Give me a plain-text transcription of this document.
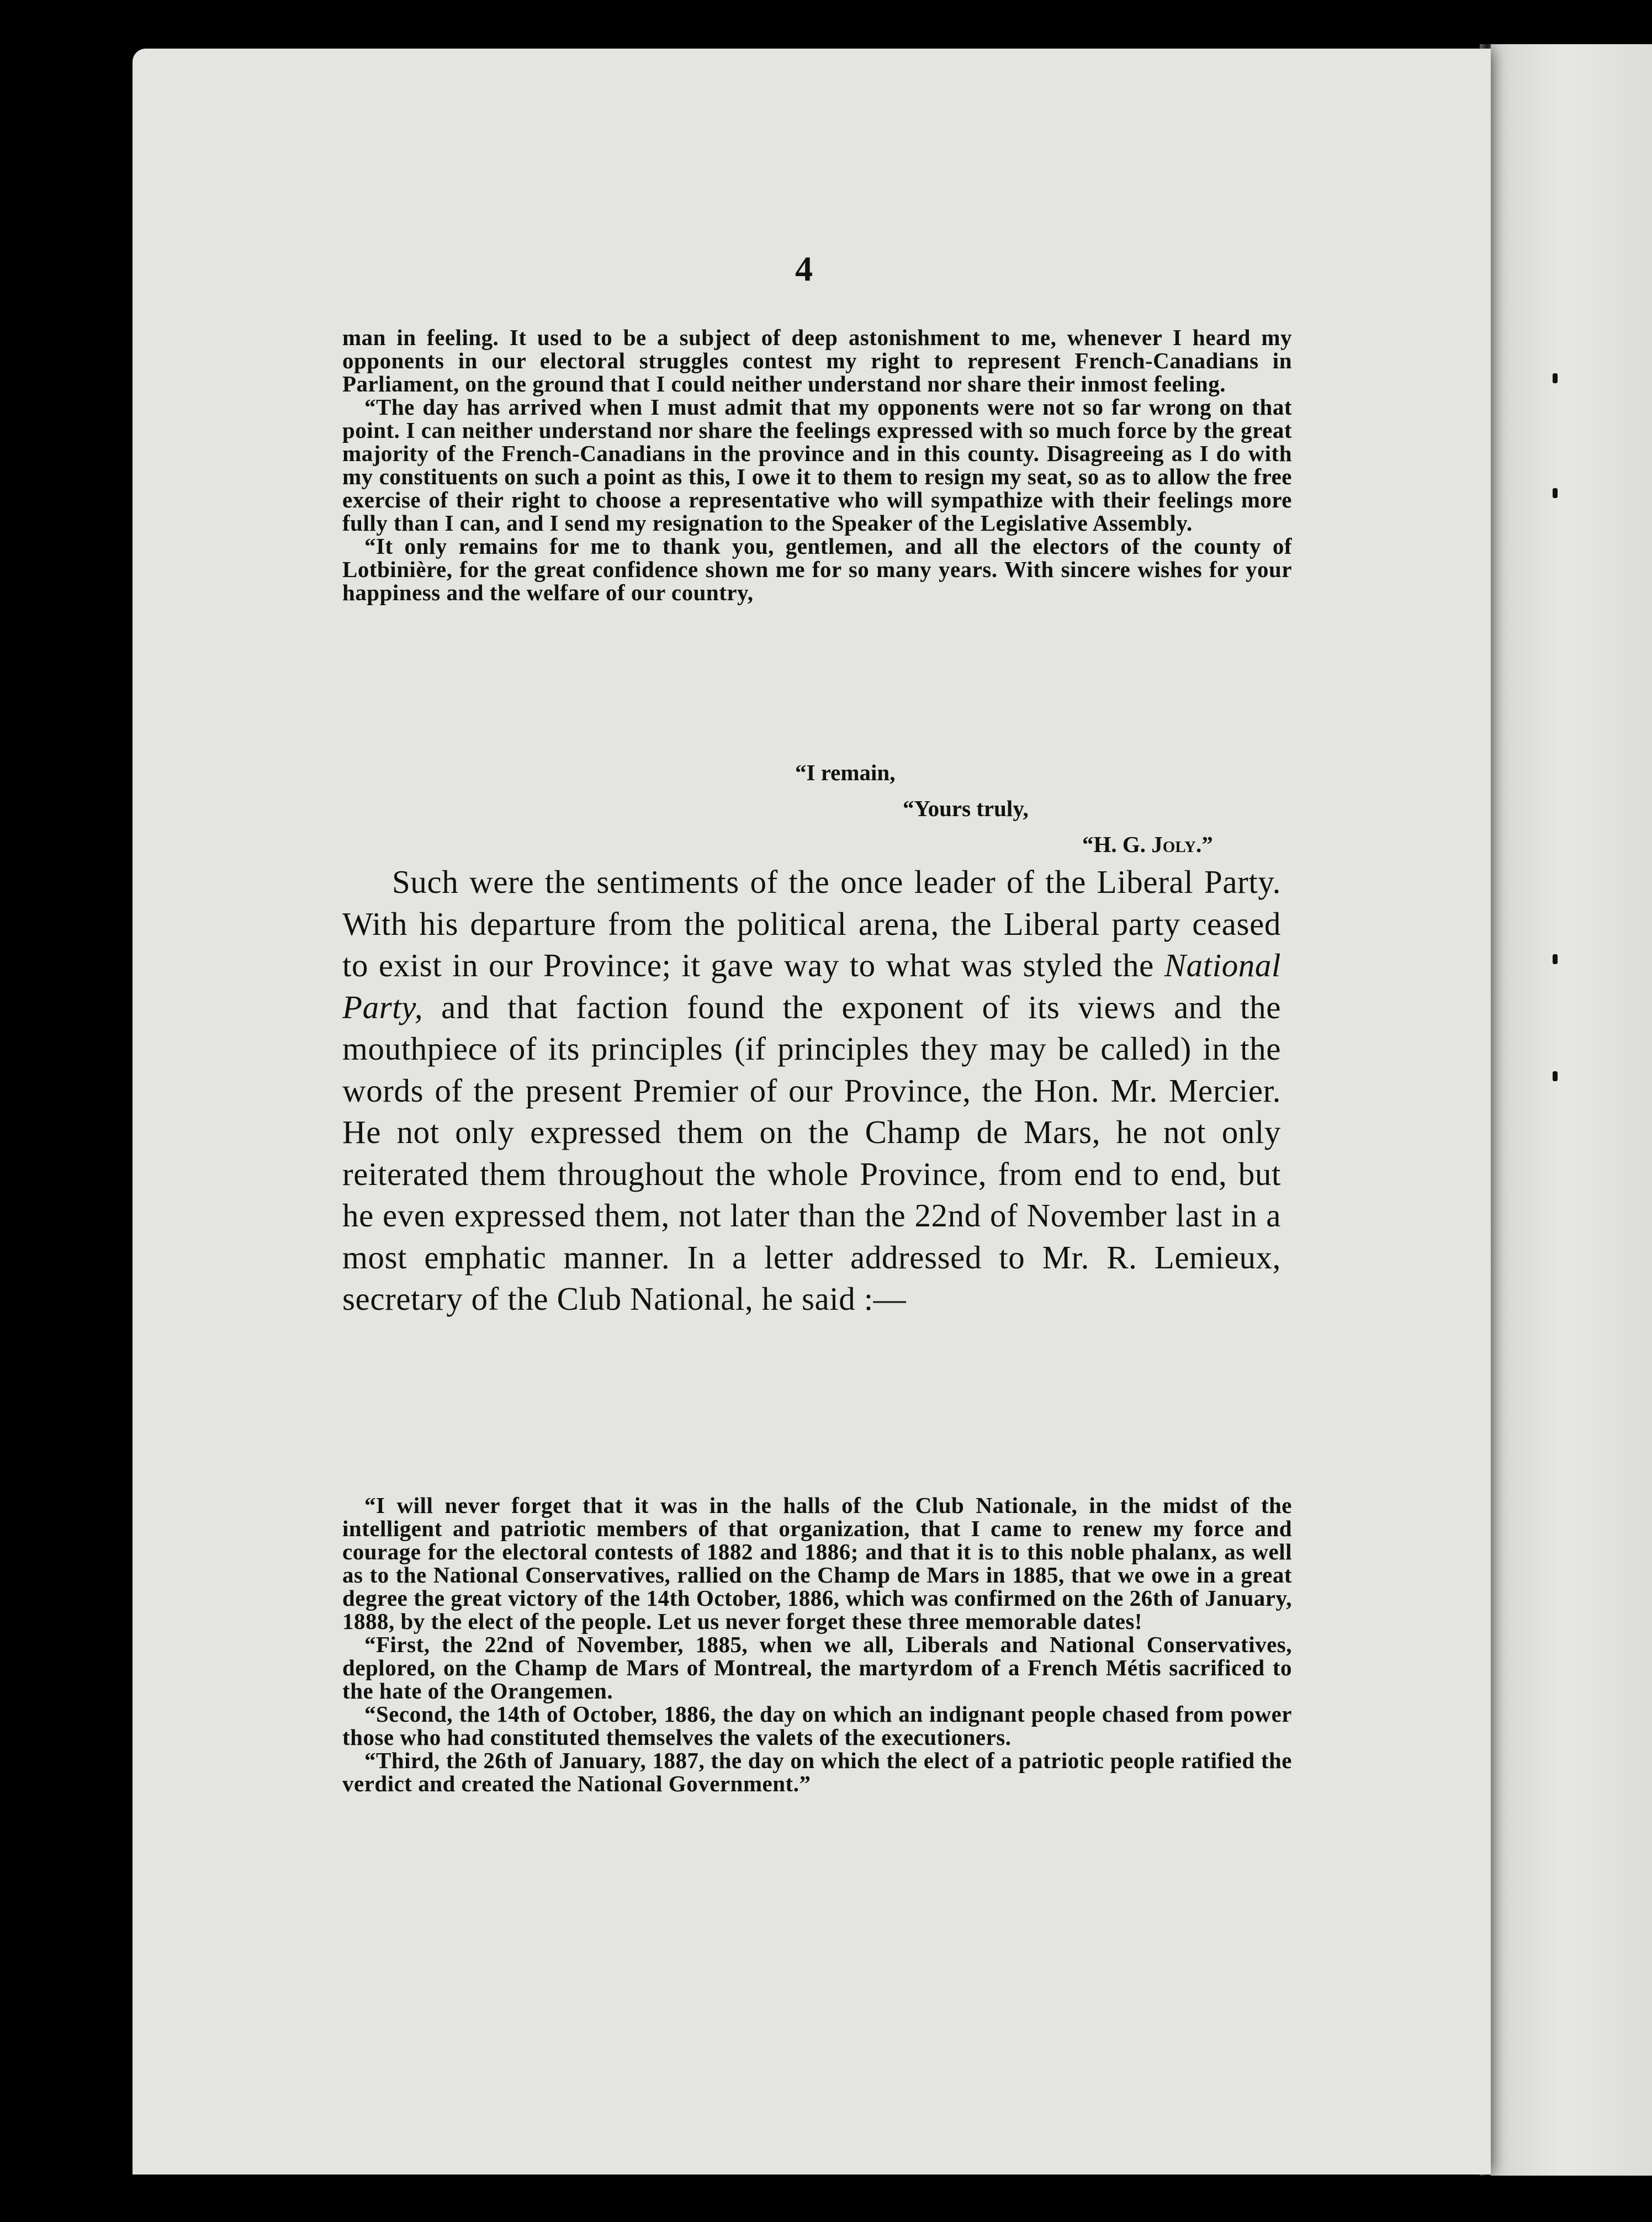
4

man in feeling. It used to be a subject of deep astonishment to me, whenever I heard my opponents in our electoral struggles contest my right to represent French-Canadians in Parliament, on the ground that I could neither understand nor share their inmost feeling.

“The day has arrived when I must admit that my opponents were not so far wrong on that point. I can neither understand nor share the feelings expressed with so much force by the great majority of the French-Canadians in the province and in this county. Disagreeing as I do with my constituents on such a point as this, I owe it to them to resign my seat, so as to allow the free exercise of their right to choose a representative who will sympathize with their feelings more fully than I can, and I send my resignation to the Speaker of the Legislative Assembly.

“It only remains for me to thank you, gentlemen, and all the electors of the county of Lotbinière, for the great confidence shown me for so many years. With sincere wishes for your happiness and the welfare of our country,

“I remain,

“Yours truly,

“H. G. Joly.”

Such were the sentiments of the once leader of the Liberal Party. With his departure from the political arena, the Liberal party ceased to exist in our Province; it gave way to what was styled the National Party, and that faction found the exponent of its views and the mouthpiece of its principles (if principles they may be called) in the words of the present Premier of our Province, the Hon. Mr. Mercier. He not only expressed them on the Champ de Mars, he not only reiterated them throughout the whole Province, from end to end, but he even expressed them, not later than the 22nd of November last in a most emphatic manner. In a letter addressed to Mr. R. Lemieux, secretary of the Club National, he said :—

“I will never forget that it was in the halls of the Club Nationale, in the midst of the intelligent and patriotic members of that organization, that I came to renew my force and courage for the electoral contests of 1882 and 1886; and that it is to this noble phalanx, as well as to the National Conservatives, rallied on the Champ de Mars in 1885, that we owe in a great degree the great victory of the 14th October, 1886, which was confirmed on the 26th of January, 1888, by the elect of the people. Let us never forget these three memorable dates!

“First, the 22nd of November, 1885, when we all, Liberals and National Conservatives, deplored, on the Champ de Mars of Montreal, the martyrdom of a French Métis sacrificed to the hate of the Orangemen.

“Second, the 14th of October, 1886, the day on which an indignant people chased from power those who had constituted themselves the valets of the executioners.

“Third, the 26th of January, 1887, the day on which the elect of a patriotic people ratified the verdict and created the National Government.”
